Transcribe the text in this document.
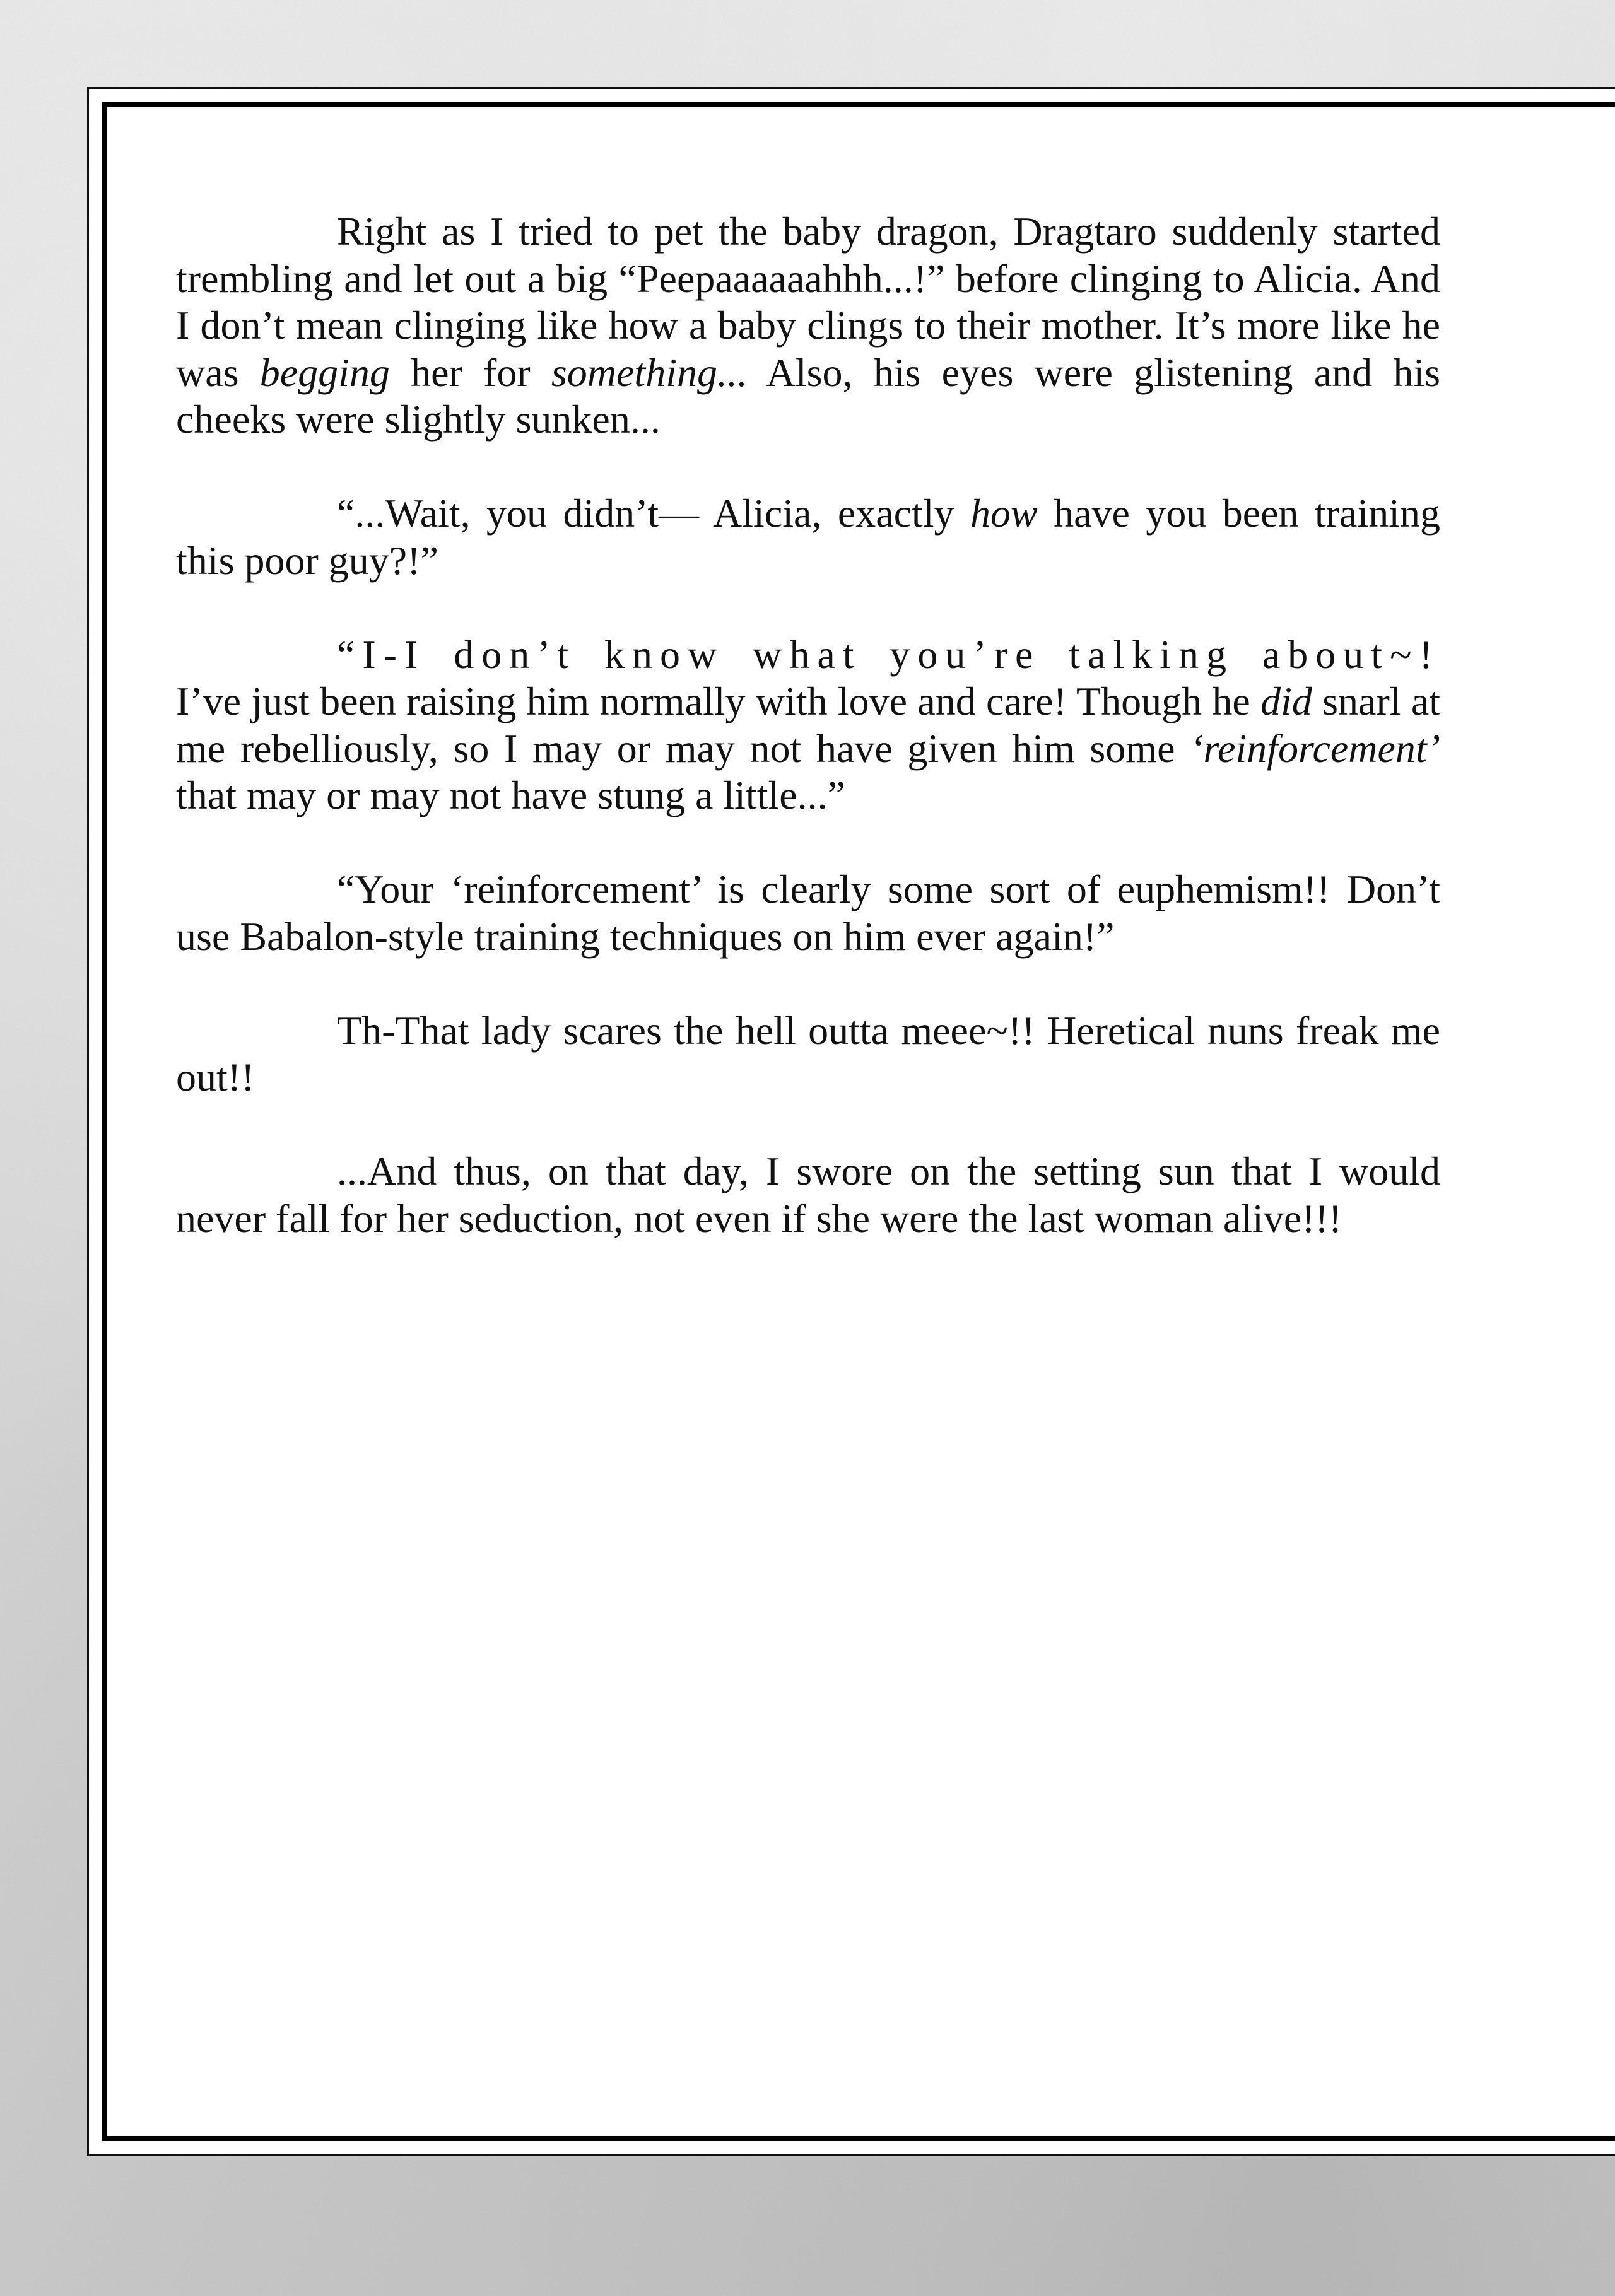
Right as I tried to pet the baby dragon, Dragtaro suddenly started trembling and let out a big “Peepaaaaaahhh...!” before clinging to Alicia. And I don’t mean clinging like how a baby clings to their mother. It’s more like he was begging her for something... Also, his eyes were glistening and his cheeks were slightly sunken...

“...Wait, you didn’t— Alicia, exactly how have you been training this poor guy?!”

“I-I don’t know what you’re talking about~! I’ve just been raising him normally with love and care! Though he did snarl at me rebelliously, so I may or may not have given him some ‘reinforcement’ that may or may not have stung a little...”

“Your ‘reinforcement’ is clearly some sort of euphemism!! Don’t use Babalon-style training techniques on him ever again!”

Th-That lady scares the hell outta meee~!! Heretical nuns freak me out!!

...And thus, on that day, I swore on the setting sun that I would never fall for her seduction, not even if she were the last woman alive!!!
